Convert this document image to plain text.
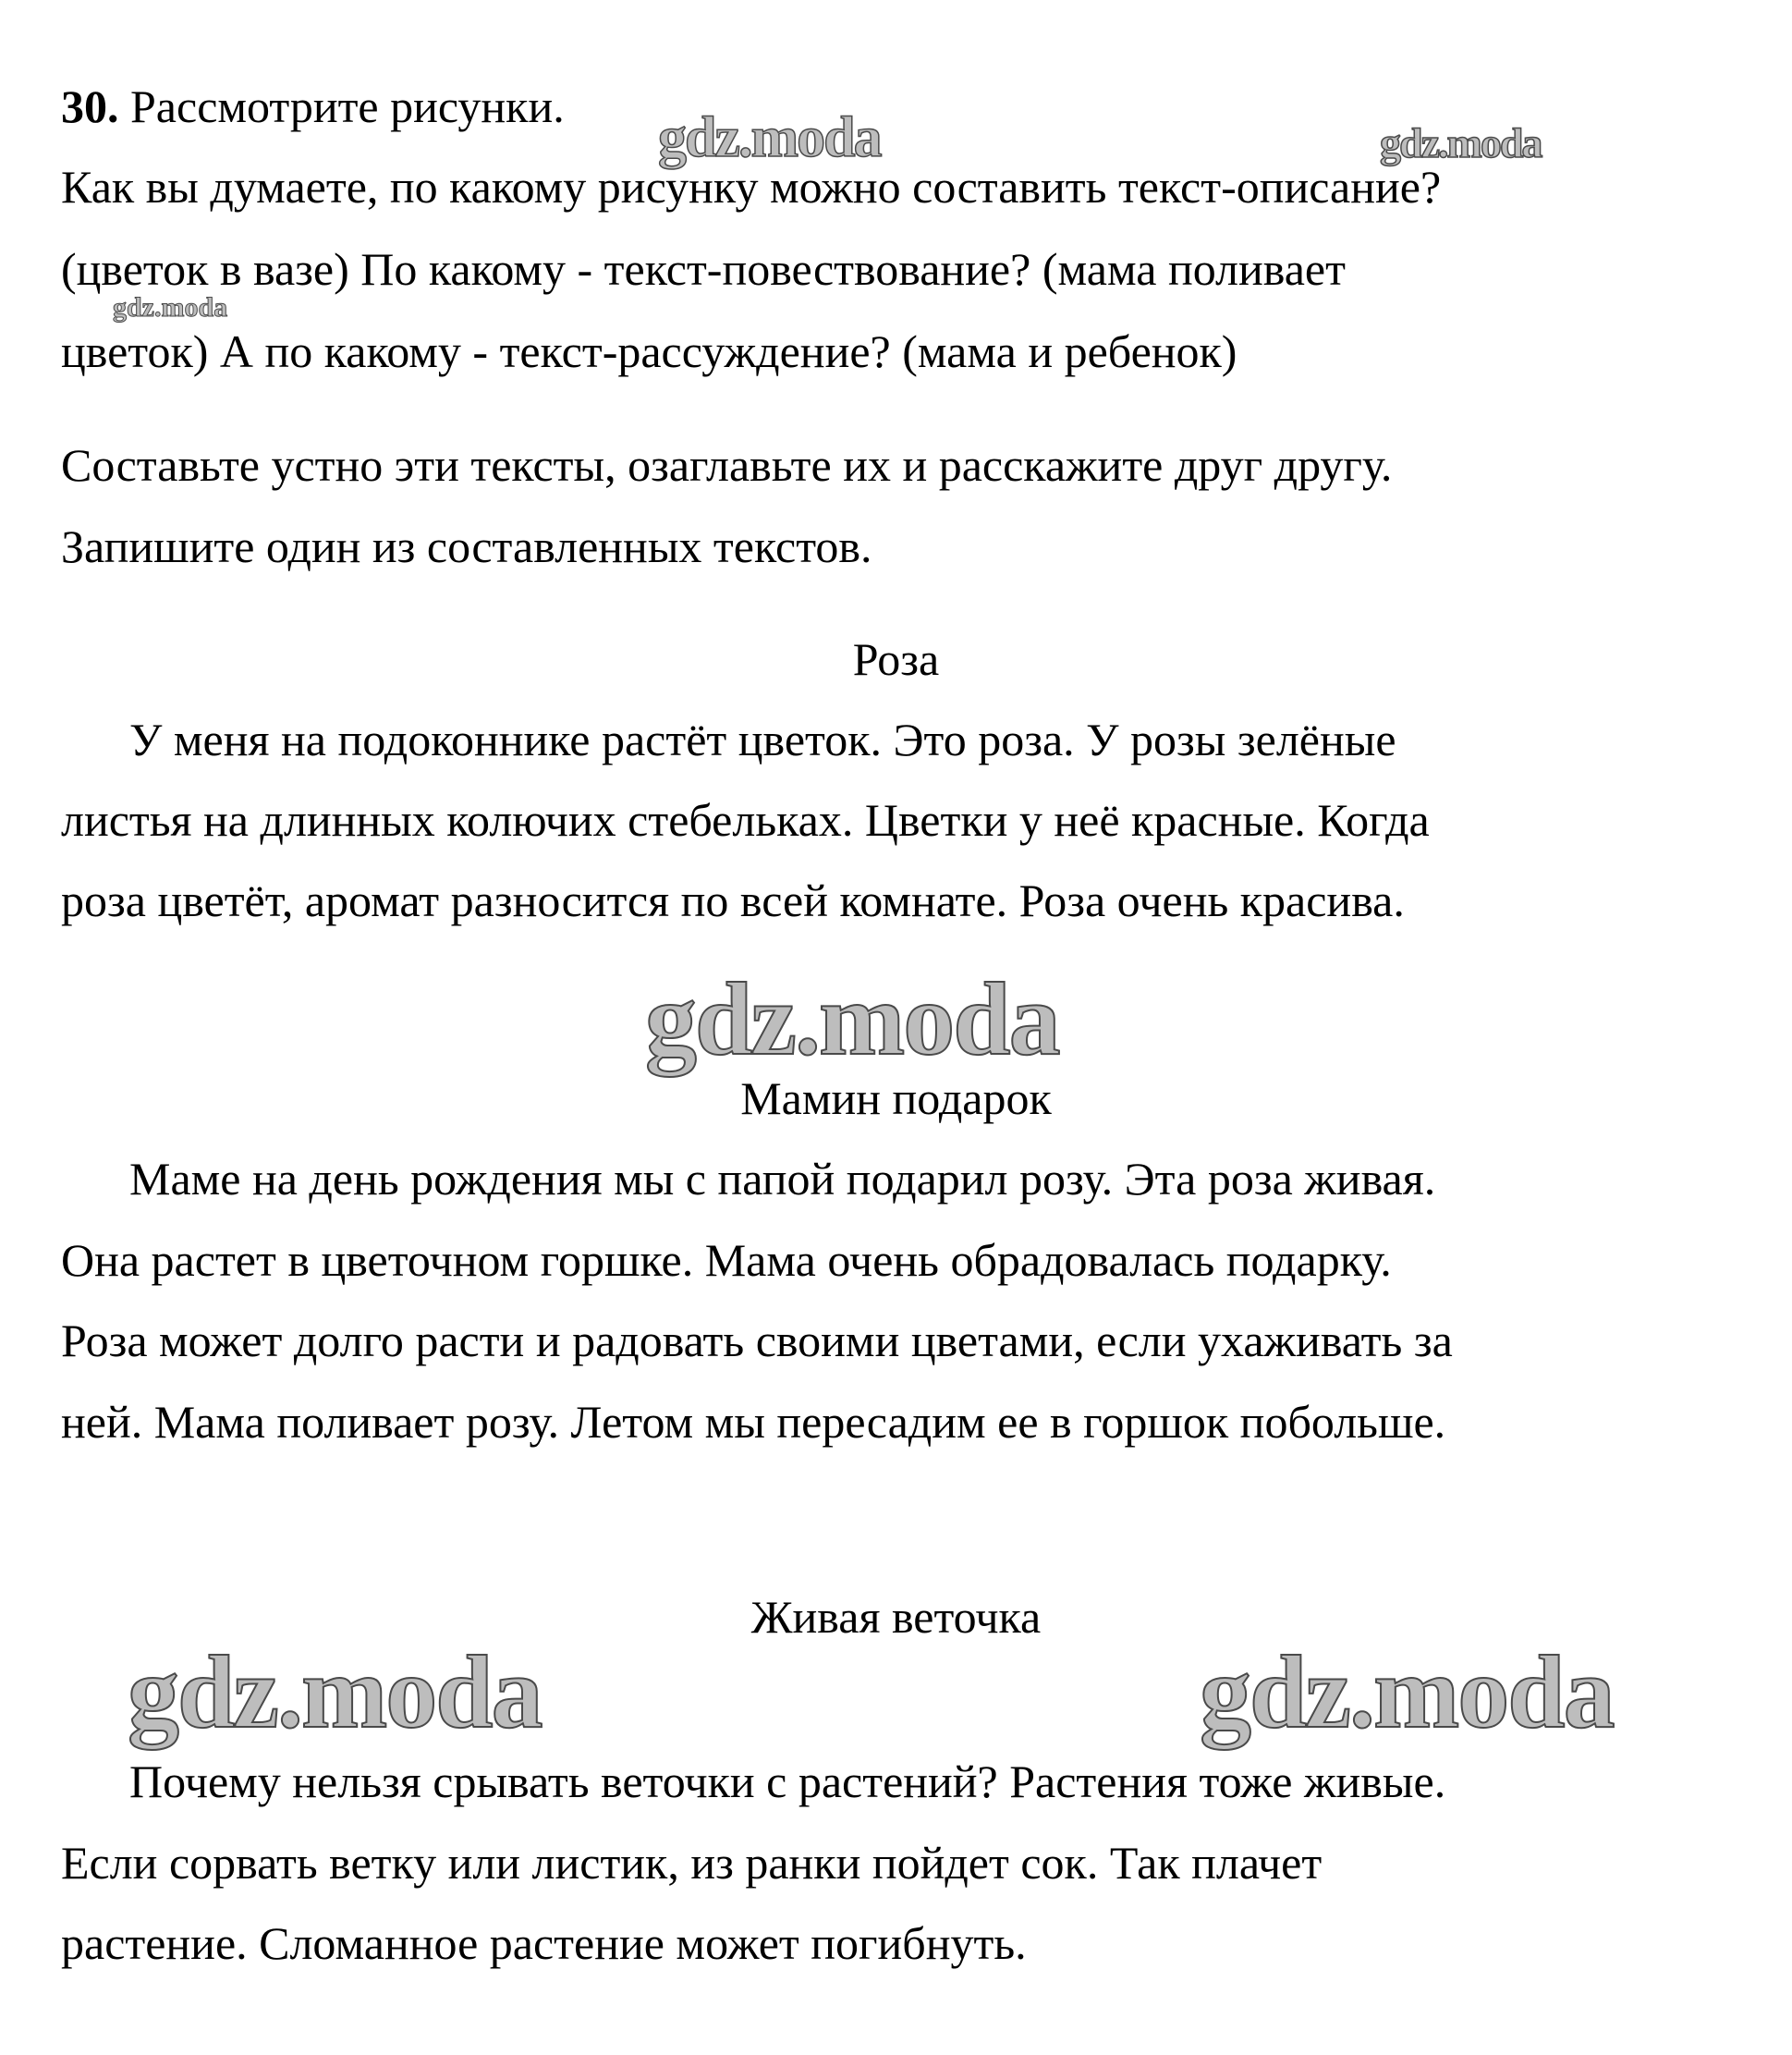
30. Рассмотрите рисунки.
Как вы думаете, по какому рисунку можно составить текст-описание?
(цветок в вазе) По какому - текст-повествование? (мама поливает
цветок) А по какому - текст-рассуждение? (мама и ребенок)
Составьте устно эти тексты, озаглавьте их и расскажите друг другу.
Запишите один из составленных текстов.
Роза
У меня на подоконнике растёт цветок. Это роза. У розы зелёные
листья на длинных колючих стебельках. Цветки у неё красные. Когда
роза цветёт, аромат разносится по всей комнате. Роза очень красива.
Мамин подарок
Маме на день рождения мы с папой подарил розу. Эта роза живая.
Она растет в цветочном горшке. Мама очень обрадовалась подарку.
Роза может долго расти и радовать своими цветами, если ухаживать за
ней. Мама поливает розу. Летом мы пересадим ее в горшок побольше.
Живая веточка
Почему нельзя срывать веточки с растений? Растения тоже живые.
Если сорвать ветку или листик, из ранки пойдет сок. Так плачет
растение. Сломанное растение может погибнуть.
gdz.moda	gdz.moda
gdz.moda
gdz.moda
gdz.moda	gdz.moda
